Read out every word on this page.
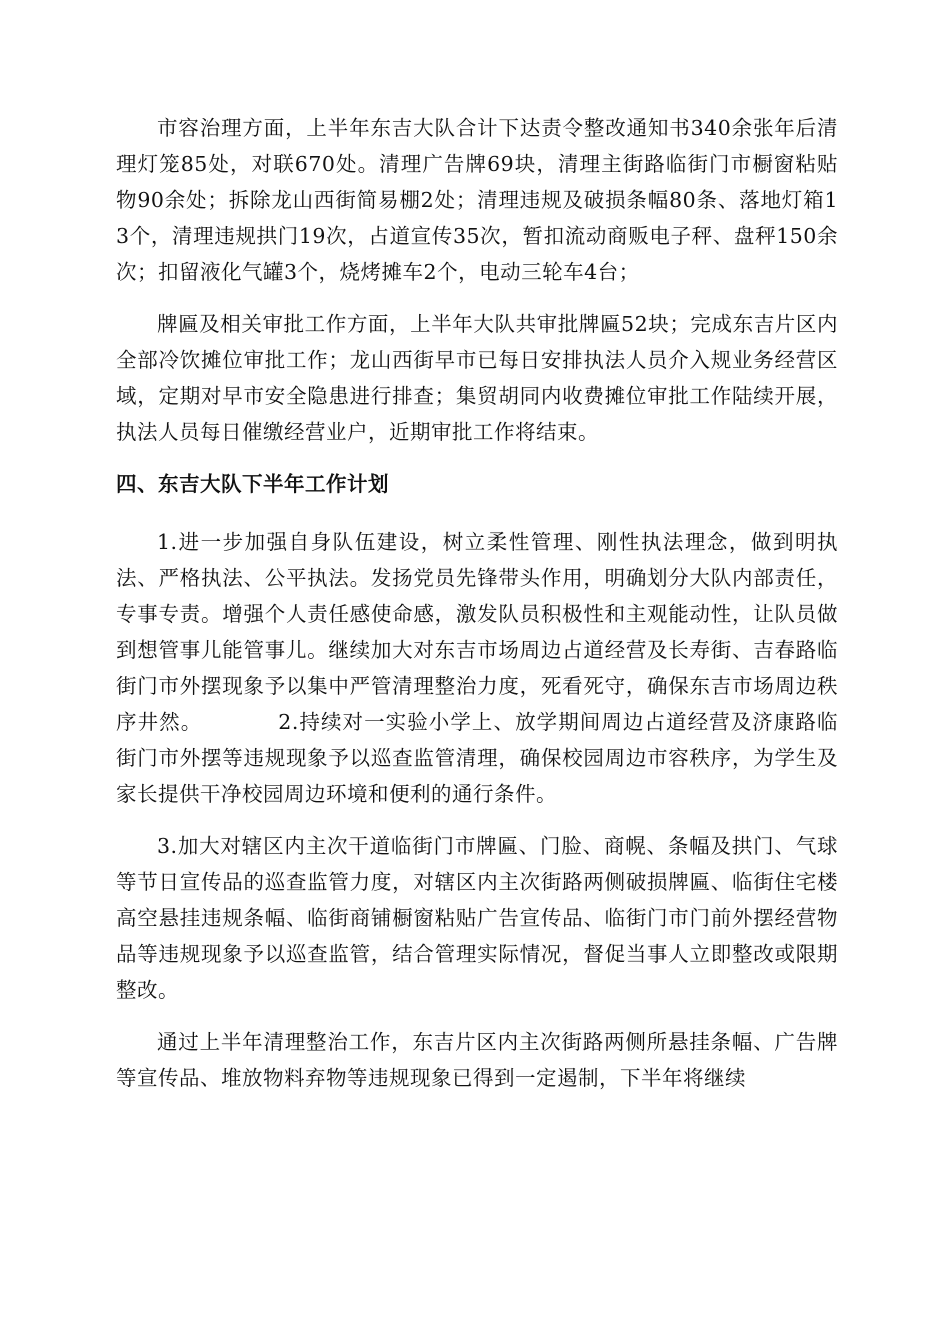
市容治理方面，上半年东吉大队合计下达责令整改通知书340余张年后清理灯笼85处，对联670处。清理广告牌69块，清理主街路临街门市橱窗粘贴物90余处；拆除龙山西街简易棚2处；清理违规及破损条幅80条、落地灯箱13个，清理违规拱门19次，占道宣传35次，暂扣流动商贩电子秤、盘秤150余次；扣留液化气罐3个，烧烤摊车2个，电动三轮车4台；

牌匾及相关审批工作方面，上半年大队共审批牌匾52块；完成东吉片区内全部冷饮摊位审批工作；龙山西街早市已每日安排执法人员介入规业务经营区域，定期对早市安全隐患进行排查；集贸胡同内收费摊位审批工作陆续开展，执法人员每日催缴经营业户，近期审批工作将结束。

四、东吉大队下半年工作计划

1.进一步加强自身队伍建设，树立柔性管理、刚性执法理念，做到明执法、严格执法、公平执法。发扬党员先锋带头作用，明确划分大队内部责任，专事专责。增强个人责任感使命感，激发队员积极性和主观能动性，让队员做到想管事儿能管事儿。继续加大对东吉市场周边占道经营及长寿街、吉春路临街门市外摆现象予以集中严管清理整治力度，死看死守，确保东吉市场周边秩序井然。　　　　2.持续对一实验小学上、放学期间周边占道经营及济康路临街门市外摆等违规现象予以巡查监管清理，确保校园周边市容秩序，为学生及家长提供干净校园周边环境和便利的通行条件。

3.加大对辖区内主次干道临街门市牌匾、门脸、商幌、条幅及拱门、气球等节日宣传品的巡查监管力度，对辖区内主次街路两侧破损牌匾、临街住宅楼高空悬挂违规条幅、临街商铺橱窗粘贴广告宣传品、临街门市门前外摆经营物品等违规现象予以巡查监管，结合管理实际情况，督促当事人立即整改或限期整改。

通过上半年清理整治工作，东吉片区内主次街路两侧所悬挂条幅、广告牌等宣传品、堆放物料弃物等违规现象已得到一定遏制，下半年将继续
